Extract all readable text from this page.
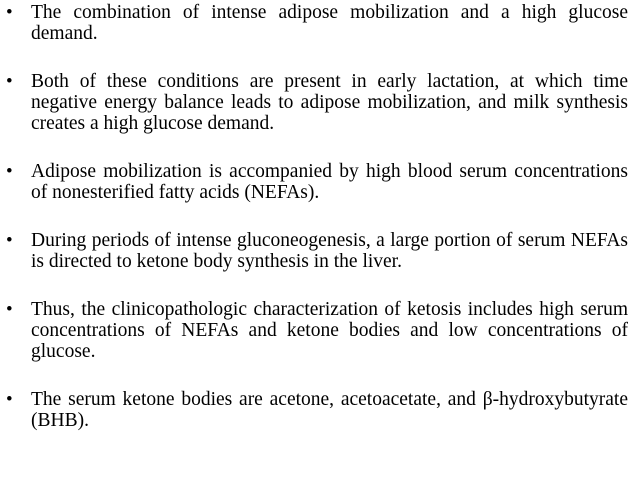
• The combination of intense adipose mobilization and a high glucose demand.
• Both of these conditions are present in early lactation, at which time negative energy balance leads to adipose mobilization, and milk synthesis creates a high glucose demand.
• Adipose mobilization is accompanied by high blood serum concentrations of nonesterified fatty acids (NEFAs).
• During periods of intense gluconeogenesis, a large portion of serum NEFAs is directed to ketone body synthesis in the liver.
• Thus, the clinicopathologic characterization of ketosis includes high serum concentrations of NEFAs and ketone bodies and low concentrations of glucose.
• The serum ketone bodies are acetone, acetoacetate, and β-hydroxybutyrate (BHB).
